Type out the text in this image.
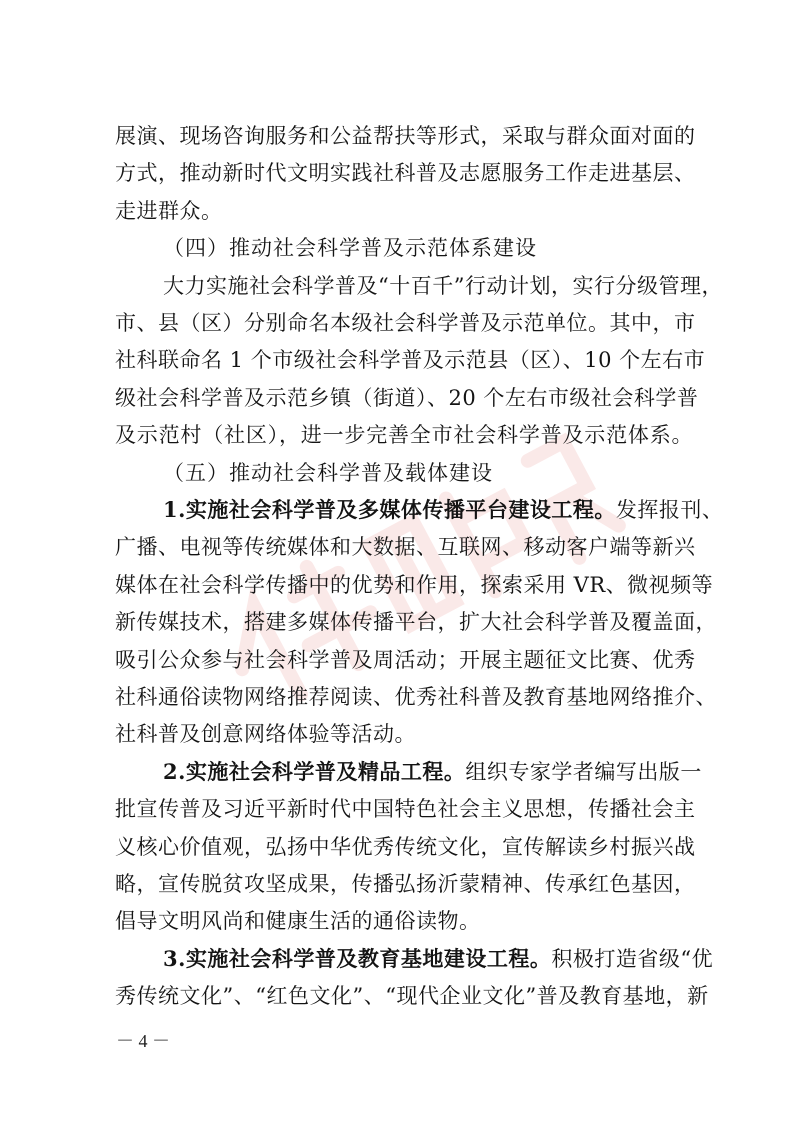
展演、现场咨询服务和公益帮扶等形式，采取与群众面对面的
方式，推动新时代文明实践社科普及志愿服务工作走进基层、
走进群众。
（四）推动社会科学普及示范体系建设
大力实施社会科学普及“十百千”行动计划，实行分级管理，
市、县（区）分别命名本级社会科学普及示范单位。其中，市
社科联命名 1 个市级社会科学普及示范县（区）、10 个左右市
级社会科学普及示范乡镇（街道）、20 个左右市级社会科学普
及示范村（社区），进一步完善全市社会科学普及示范体系。
（五）推动社会科学普及载体建设
1.实施社会科学普及多媒体传播平台建设工程。发挥报刊、
广播、电视等传统媒体和大数据、互联网、移动客户端等新兴
媒体在社会科学传播中的优势和作用，探索采用 VR、微视频等
新传媒技术，搭建多媒体传播平台，扩大社会科学普及覆盖面，
吸引公众参与社会科学普及周活动；开展主题征文比赛、优秀
社科通俗读物网络推荐阅读、优秀社科普及教育基地网络推介、
社科普及创意网络体验等活动。
2.实施社会科学普及精品工程。组织专家学者编写出版一
批宣传普及习近平新时代中国特色社会主义思想，传播社会主
义核心价值观，弘扬中华优秀传统文化，宣传解读乡村振兴战
略，宣传脱贫攻坚成果，传播弘扬沂蒙精神、传承红色基因，
倡导文明风尚和健康生活的通俗读物。
3.实施社会科学普及教育基地建设工程。积极打造省级“优
秀传统文化”、“红色文化”、“现代企业文化”普及教育基地，新
－ 4 －
